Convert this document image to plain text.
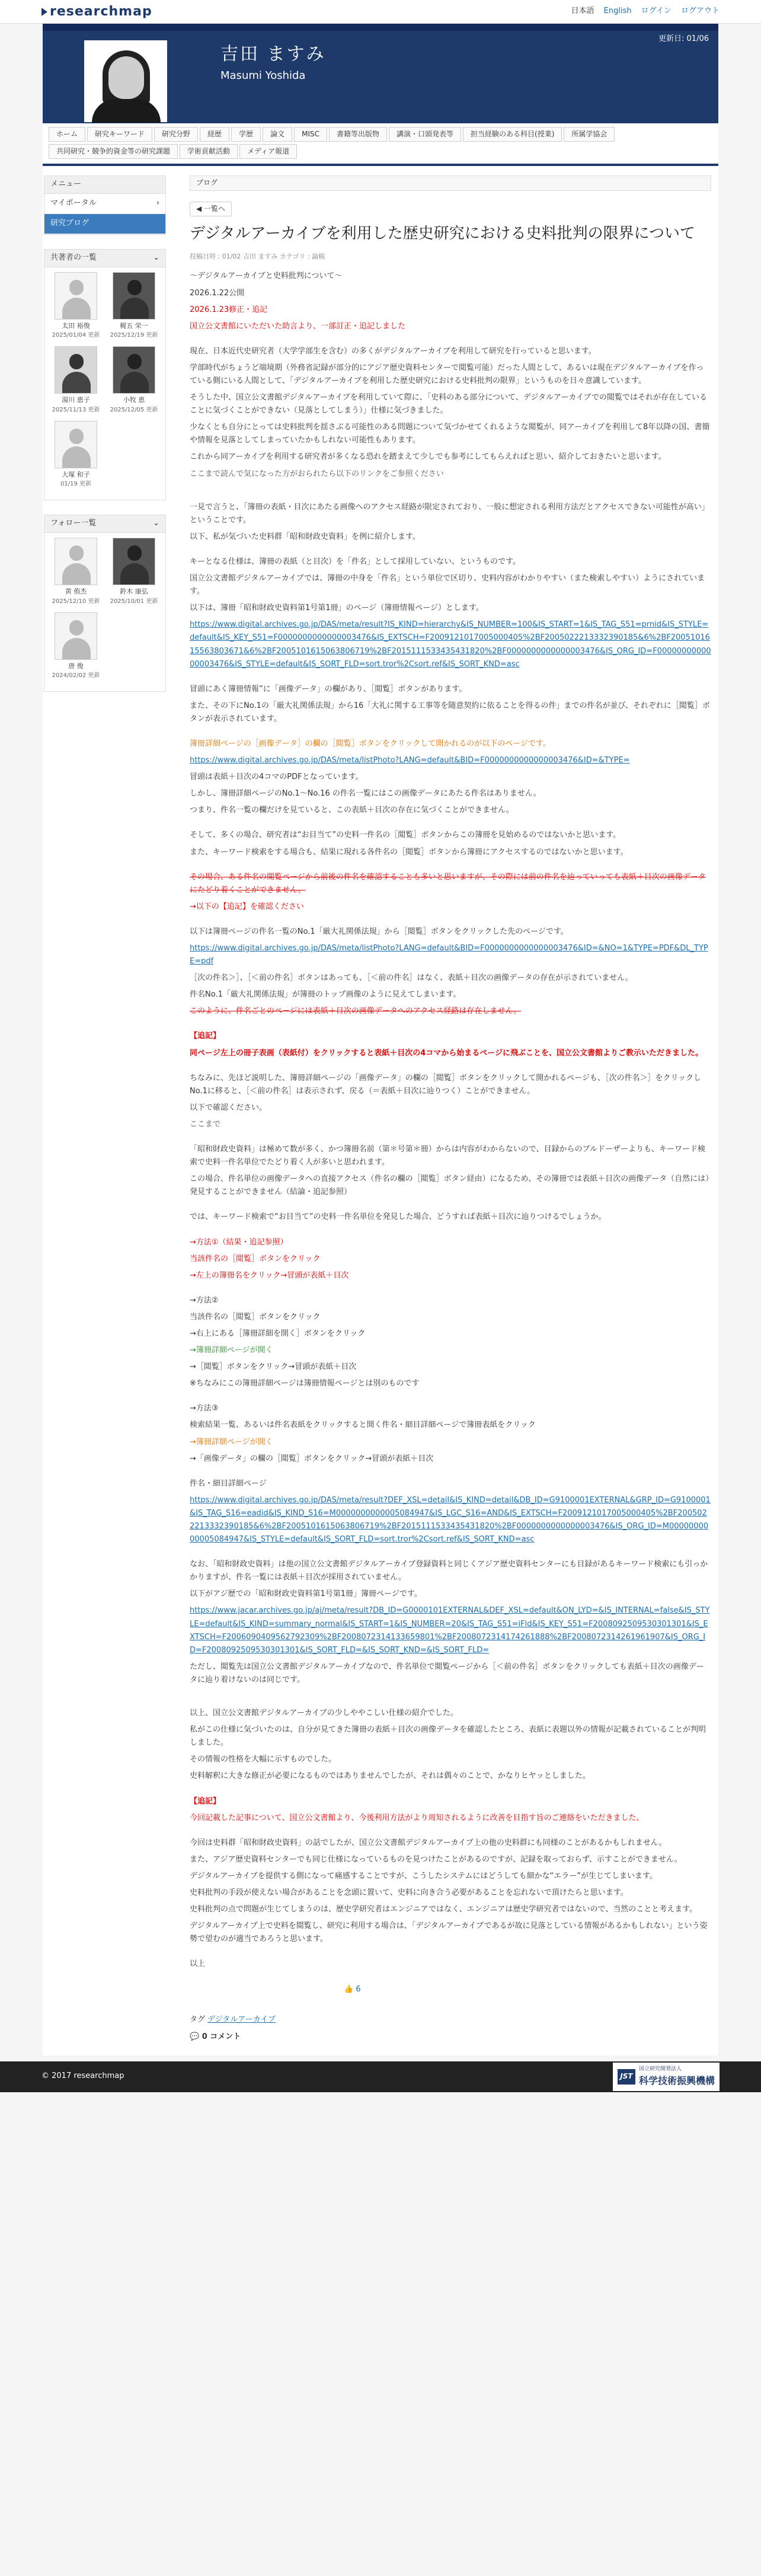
researchmap	日本語 English ログイン ログアウト
吉田 ますみ
Masumi Yoshida
更新日: 01/06
ホーム	研究キーワード	研究分野	経歴	学歴	論文	MISC	書籍等出版物	講演・口頭発表等	担当経験のある科目(授業)	所属学協会
共同研究・競争的資金等の研究課題	学術貢献活動	メディア報道
メニュー
マイポータル	›
研究ブログ
共著者の一覧	⌄
太田 裕俊
2025/01/04 更新
梶五 栄一
2025/12/19 更新
湯川 恵子
2025/11/13 更新
小牧 恵
2025/12/05 更新
大塚 和子
01/19 更新
フォロー一覧	⌄
黄 侑杰
2025/12/10 更新
鈴木 康弘
2025/10/01 更新
唐 俊
2024/02/02 更新
ブログ
◀ 一覧へ
デジタルアーカイブを利用した歴史研究における史料批判の限界について
投稿日時 : 01/02 吉田 ますみ カテゴリ : 論稿

〜デジタルアーカイブと史料批判について〜

2026.1.22公開

2026.1.23修正・追記

国立公文書館にいただいた助言より、一部訂正・追記しました

現在、日本近代史研究者（大学学部生を含む）の多くがデジタルアーカイブを利用して研究を行っていると思います。

学部時代がちょうど端境期（外務省記録が部分的にアジア歴史資料センターで閲覧可能）だった人間として、あるいは現在デジタルアーカイブを作っている側にいる人間として、「デジタルアーカイブを利用した歴史研究における史料批判の限界」というものを日々意識しています。

そうした中、国立公文書館デジタルアーカイブを利用していて際に、「史料のある部分について、デジタルアーカイブでの閲覧ではそれが存在していることに気づくことができない（見落としてしまう）」仕様に気づきました。

少なくとも自分にとっては史料批判を揺さぶる可能性のある問題について気づかせてくれるような閲覧が、同アーカイブを利用して8年以降の国、書簡や情報を見落としてしまっていたかもしれない可能性もあります。

これから同アーカイブを利用する研究者が多くなる恐れを踏まえて少しでも参考にしてもらえればと思い、紹介しておきたいと思います。

ここまで読んで気になった方がおられたら以下のリンクをご参照ください

一見で言うと、「簿冊の表紙・目次にあたる画像へのアクセス経路が限定されており、一般に想定される利用方法だとアクセスできない可能性が高い」ということです。

以下、私が気づいた史料群「昭和財政史資料」を例に紹介します。

キーとなる仕様は、簿冊の表紙（と目次）を「件名」として採用していない、というものです。

国立公文書館デジタルアーカイブでは、簿冊の中身を「件名」という単位で区切り、史料内容がわかりやすい（また検索しやすい）ようにされています。

以下は、簿冊「昭和財政史資料第1号第1冊」のページ（簿冊情報ページ）とします。

https://www.digital.archives.go.jp/DAS/meta/result?IS_KIND=hierarchy&IS_NUMBER=100&IS_START=1&IS_TAG_S51=prnid&IS_STYLE=default&IS_KEY_S51=F0000000000000003476&IS_EXTSCH=F2009121017005000405%2BF2005022213332390185&6%2BF2005101615563803671&6%2BF2005101615063806719%2BF2015111533435431820%2BF0000000000000003476&IS_ORG_ID=F0000000000000003476&IS_STYLE=default&IS_SORT_FLD=sort.tror%2Csort.ref&IS_SORT_KND=asc

冒頭にあく簿冊情報”に「画像データ」の欄があり、［閲覧］ボタンがあります。

また、その下にNo.1の「厳大礼関係法規」から16「大礼に関する工事等を随意契約に依ることを得るの件」までの件名が並び、それぞれに［閲覧］ボタンが表示されています。

簿冊詳細ページの［画像データ］の欄の［閲覧］ボタンをクリックして開かれるのが以下のページです。

https://www.digital.archives.go.jp/DAS/meta/listPhoto?LANG=default&BID=F0000000000000003476&ID=&TYPE=

冒頭は表紙＋目次の4コマのPDFとなっています。

しかし、簿冊詳細ページのNo.1〜No.16 の件名一覧にはこの画像データにあたる件名はありません。

つまり、件名一覧の欄だけを見ていると、この表紙＋目次の存在に気づくことができません。

そして、多くの場合、研究者は“お目当て”の史料一件名の［閲覧］ボタンからこの簿冊を見始めるのではないかと思います。

また、キーワード検索をする場合も、結果に現れる各件名の［閲覧］ボタンから簿冊にアクセスするのではないかと思います。

その場合、ある件名の閲覧ページから前後の件名を確認することも多いと思いますが、その際には前の件名を辿っていっても表紙＋目次の画像データにたどり着くことができません。

→以下の【追記】を確認ください

以下は簿冊ページの件名一覧のNo.1「厳大礼関係法規」から［閲覧］ボタンをクリックした先のページです。

https://www.digital.archives.go.jp/DAS/meta/listPhoto?LANG=default&BID=F0000000000000003476&ID=&NO=1&TYPE=PDF&DL_TYPE=pdf

［次の件名＞］、［＜前の件名］ボタンはあっても、［＜前の件名］はなく、表紙＋目次の画像データの存在が示されていません。

件名No.1「厳大礼関係法規」が簿冊のトップ画像のように見えてしまいます。

このように、件名ごとのページには表紙＋目次の画像データへのアクセス経路は存在しません。

【追記】

同ページ左上の冊子表画（表紙付）をクリックすると表紙＋目次の4コマから始まるページに飛ぶことを、国立公文書館よりご教示いただきました。

ちなみに、先ほど説明した、簿冊詳細ページの「画像データ」の欄の［閲覧］ボタンをクリックして開かれるページも、［次の件名＞］をクリックしNo.1に移ると、［＜前の件名］は表示されず、戻る（＝表紙＋目次に辿りつく）ことができません。

以下で確認ください。

ここまで

「昭和財政史資料」は極めて数が多く、かつ簿冊名前（第＊号第＊冊）からは内容がわからないので、目録からのブルドーザーよりも、キーワード検索で史料一件名単位でたどり着く人が多いと思われます。

この場合、件名単位の画像データへの直接アクセス（件名の欄の［閲覧］ボタン経由）になるため、その簿冊では表紙＋目次の画像データ（自然には）発見することができません（結論・追記参照）

では、キーワード検索で“お目当て”の史料一件名単位を発見した場合、どうすれば表紙＋目次に辿りつけるでしょうか。

→方法①（結果・追記参照）

当該件名の［閲覧］ボタンをクリック

→左上の簿冊名をクリック→冒頭が表紙＋目次

→方法②

当該件名の［閲覧］ボタンをクリック

→右上にある［簿冊詳細を開く］ボタンをクリック

→簿冊詳細ページが開く

→［閲覧］ボタンをクリック→冒頭が表紙＋目次

※ちなみにこの簿冊詳細ページは簿冊情報ページとは別のものです

→方法③

検索結果一覧、あるいは件名表紙をクリックすると開く件名・細目詳細ページで簿冊表紙をクリック

→簿冊詳細ページが開く

→「画像データ」の欄の［閲覧］ボタンをクリック→冒頭が表紙＋目次

件名・細目詳細ページ

https://www.digital.archives.go.jp/DAS/meta/result?DEF_XSL=detail&IS_KIND=detail&DB_ID=G9100001EXTERNAL&GRP_ID=G9100001&IS_TAG_S16=eadid&IS_KIND_S16=M0000000000005084947&IS_LGC_S16=AND&IS_EXTSCH=F2009121017005000405%2BF2005022213332390185&6%2BF2005101615063806719%2BF2015111533435431820%2BF0000000000000003476&IS_ORG_ID=M0000000000005084947&IS_STYLE=default&IS_SORT_FLD=sort.tror%2Csort.ref&IS_SORT_KND=asc

なお、「昭和財政史資料」は他の国立公文書館デジタルアーカイブ登録資料と同じくアジア歴史資料センターにも目録があるキーワード検索にも引っかかりますが、件名一覧には表紙＋目次が採用されていません。

以下がアジ歴での「昭和財政史資料第1号第1冊」簿冊ページです。

https://www.jacar.archives.go.jp/aj/meta/result?DB_ID=G0000101EXTERNAL&DEF_XSL=default&ON_LYD=&IS_INTERNAL=false&IS_STYLE=default&IS_KIND=summary_normal&IS_START=1&IS_NUMBER=20&IS_TAG_S51=iFld&IS_KEY_S51=F2008092509530301301&IS_EXTSCH=F2006090409562792309%2BF2008072314133659801%2BF2008072314174261888%2BF2008072314261961907&IS_ORG_ID=F2008092509530301301&IS_SORT_FLD=&IS_SORT_KND=&IS_SORT_FLD=

ただし、閲覧先は国立公文書館デジタルアーカイブなので、件名単位で閲覧ページから［＜前の件名］ボタンをクリックしても表紙＋目次の画像データに辿り着けないのは同じです。

以上、国立公文書館デジタルアーカイブの少しややこしい仕様の紹介でした。

私がこの仕様に気づいたのは、自分が見てきた簿冊の表紙＋目次の画像データを確認したところ、表紙に表題以外の情報が記載されていることが判明しました。

その情報の性格を大幅に示すものでした。

史料解釈に大きな修正が必要になるものではありませんでしたが、それは偶々のことで、かなりヒヤッとしました。

【追記】

今回記載した記事について、国立公文書館より、今後利用方法がより周知されるように改善を目指す旨のご連絡をいただきました。

今回は史料群「昭和財政史資料」の話でしたが、国立公文書館デジタルアーカイブ上の他の史料群にも同様のことがあるかもしれません。

また、アジア歴史資料センターでも同じ仕様になっているものを見つけたことがあるのですが、記録を取っておらず、示すことができません。

デジタルアーカイブを提供する側になって痛感することですが、こうしたシステムにはどうしても細かな“エラー”が生じてしまいます。

史料批判の手段が使えない場合があることを念頭に置いて、史料に向き合う必要があることを忘れないで頂けたらと思います。

史料批判の点で問題が生じてしまうのは、歴史学研究者はエンジニアではなく、エンジニアは歴史学研究者ではないので、当然のことと考えます。

デジタルアーカイブ上で史料を閲覧し、研究に利用する場合は、「デジタルアーカイブであるが故に見落としている情報があるかもしれない」という姿勢で望むのが適当であろうと思います。

以上

👍 6
タグ デジタルアーカイブ
💬 0 コメント
© 2017 researchmap	JST
国立研究開発法人
科学技術振興機構
